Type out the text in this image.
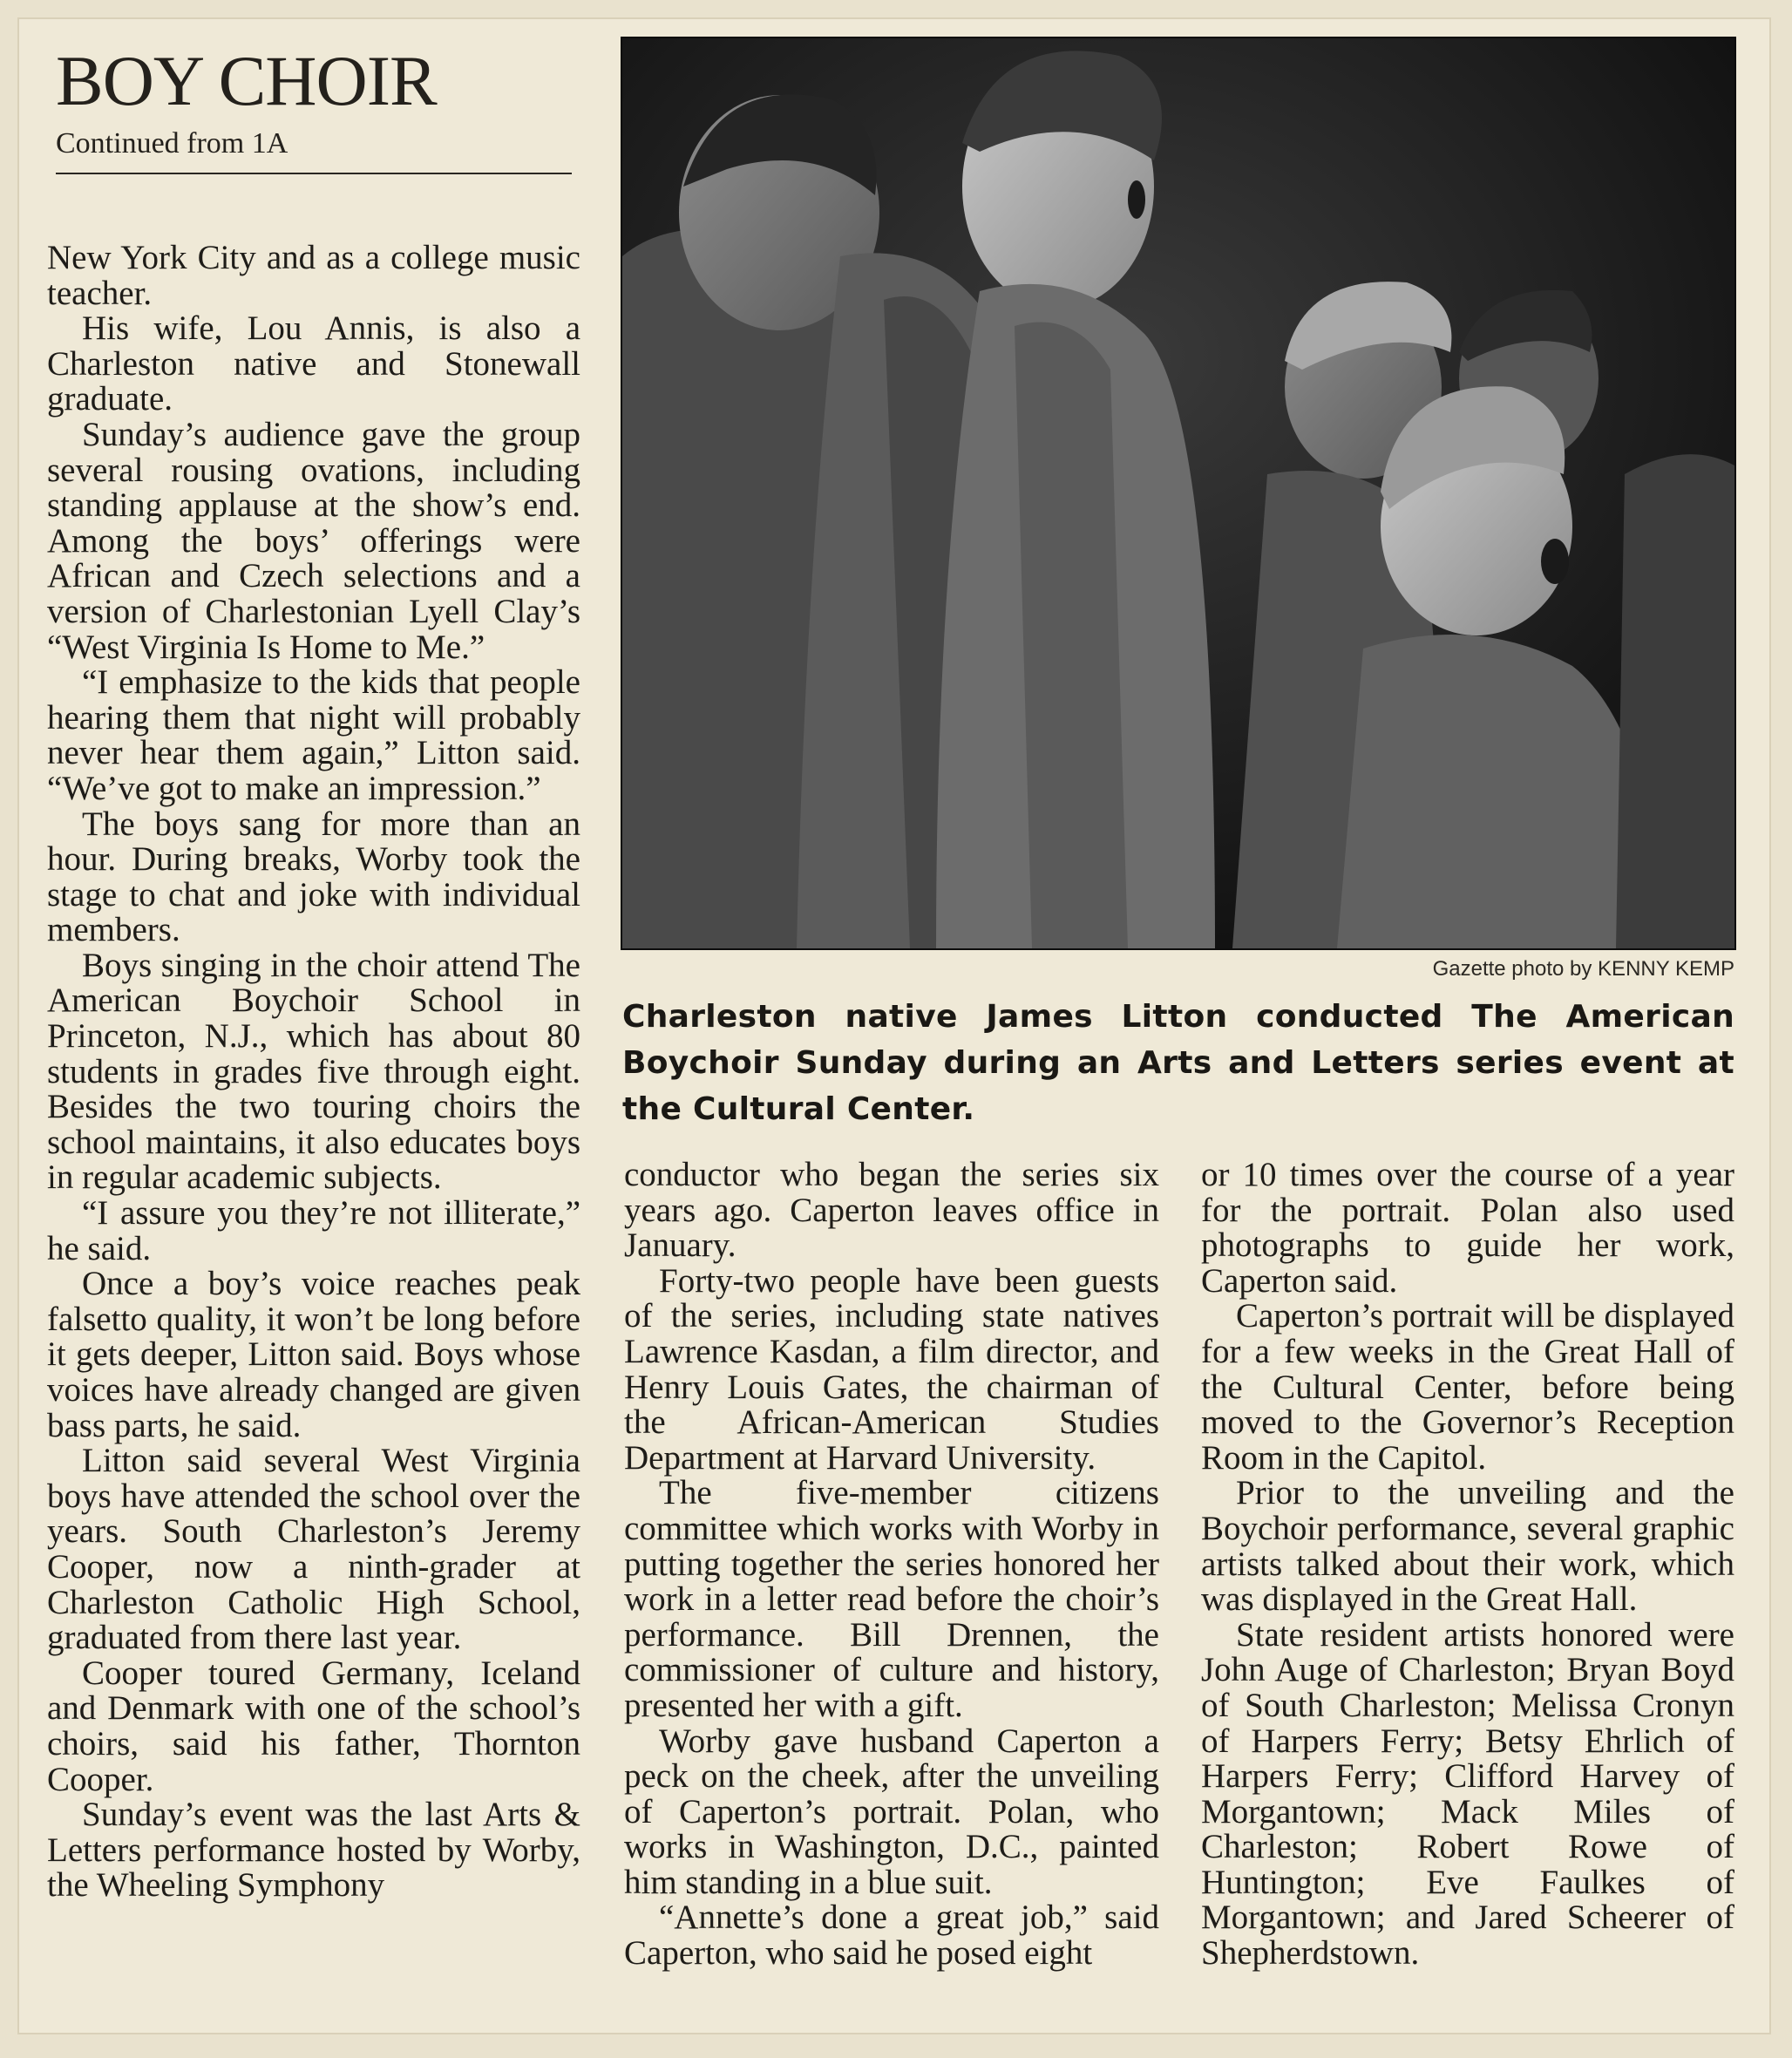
BOY CHOIR
Continued from 1A

New York City and as a college music teacher.

His wife, Lou Annis, is also a Charleston native and Stonewall graduate.

Sunday’s audience gave the group several rousing ovations, including standing applause at the show’s end. Among the boys’ offerings were African and Czech selections and a version of Charlestonian Lyell Clay’s “West Virginia Is Home to Me.”

“I emphasize to the kids that people hearing them that night will probably never hear them again,” Litton said. “We’ve got to make an impression.”

The boys sang for more than an hour. During breaks, Worby took the stage to chat and joke with individual members.

Boys singing in the choir attend The American Boychoir School in Princeton, N.J., which has about 80 students in grades five through eight. Besides the two touring choirs the school maintains, it also educates boys in regular academic subjects.

“I assure you they’re not illiterate,” he said.

Once a boy’s voice reaches peak falsetto quality, it won’t be long before it gets deeper, Litton said. Boys whose voices have already changed are given bass parts, he said.

Litton said several West Virginia boys have attended the school over the years. South Charleston’s Jeremy Cooper, now a ninth-grader at Charleston Catholic High School, graduated from there last year.

Cooper toured Germany, Iceland and Denmark with one of the school’s choirs, said his father, Thornton Cooper.

Sunday’s event was the last Arts & Letters performance hosted by Worby, the Wheeling Symphony

Gazette photo by KENNY KEMP
Charleston native James Litton conducted The American Boychoir Sunday during an Arts and Letters series event at the Cultural Center.

conductor who began the series six years ago. Caperton leaves office in January.

Forty-two people have been guests of the series, including state natives Lawrence Kasdan, a film director, and Henry Louis Gates, the chairman of the African-American Studies Department at Harvard University.

The five-member citizens committee which works with Worby in putting together the series honored her work in a letter read before the choir’s performance. Bill Drennen, the commissioner of culture and history, presented her with a gift.

Worby gave husband Caperton a peck on the cheek, after the unveiling of Caperton’s portrait. Polan, who works in Washington, D.C., painted him standing in a blue suit.

“Annette’s done a great job,” said Caperton, who said he posed eight

or 10 times over the course of a year for the portrait. Polan also used photographs to guide her work, Caperton said.

Caperton’s portrait will be displayed for a few weeks in the Great Hall of the Cultural Center, before being moved to the Governor’s Reception Room in the Capitol.

Prior to the unveiling and the Boychoir performance, several graphic artists talked about their work, which was displayed in the Great Hall.

State resident artists honored were John Auge of Charleston; Bryan Boyd of South Charleston; Melissa Cronyn of Harpers Ferry; Betsy Ehrlich of Harpers Ferry; Clifford Harvey of Morgantown; Mack Miles of Charleston; Robert Rowe of Huntington; Eve Faulkes of Morgantown; and Jared Scheerer of Shepherdstown.
